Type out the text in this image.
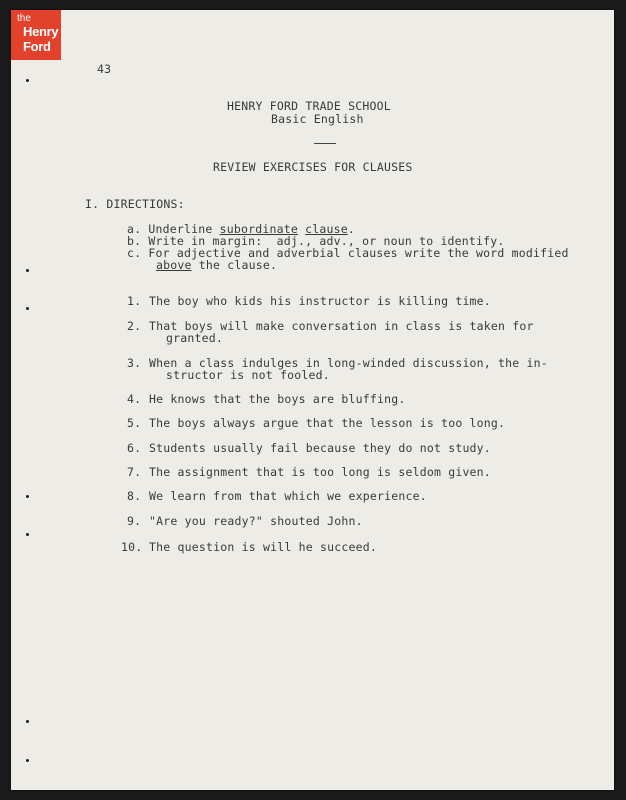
the
Henry
Ford
43
HENRY FORD TRADE SCHOOL
Basic English
REVIEW EXERCISES FOR CLAUSES
I. DIRECTIONS:
a. Underline subordinate clause.
b. Write in margin:  adj., adv., or noun to identify.
c. For adjective and adverbial clauses write the word modified
above the clause.
1. The boy who kids his instructor is killing time.
2. That boys will make conversation in class is taken for
granted.
3. When a class indulges in long-winded discussion, the in-
structor is not fooled.
4. He knows that the boys are bluffing.
5. The boys always argue that the lesson is too long.
6. Students usually fail because they do not study.
7. The assignment that is too long is seldom given.
8. We learn from that which we experience.
9. "Are you ready?" shouted John.
10. The question is will he succeed.
